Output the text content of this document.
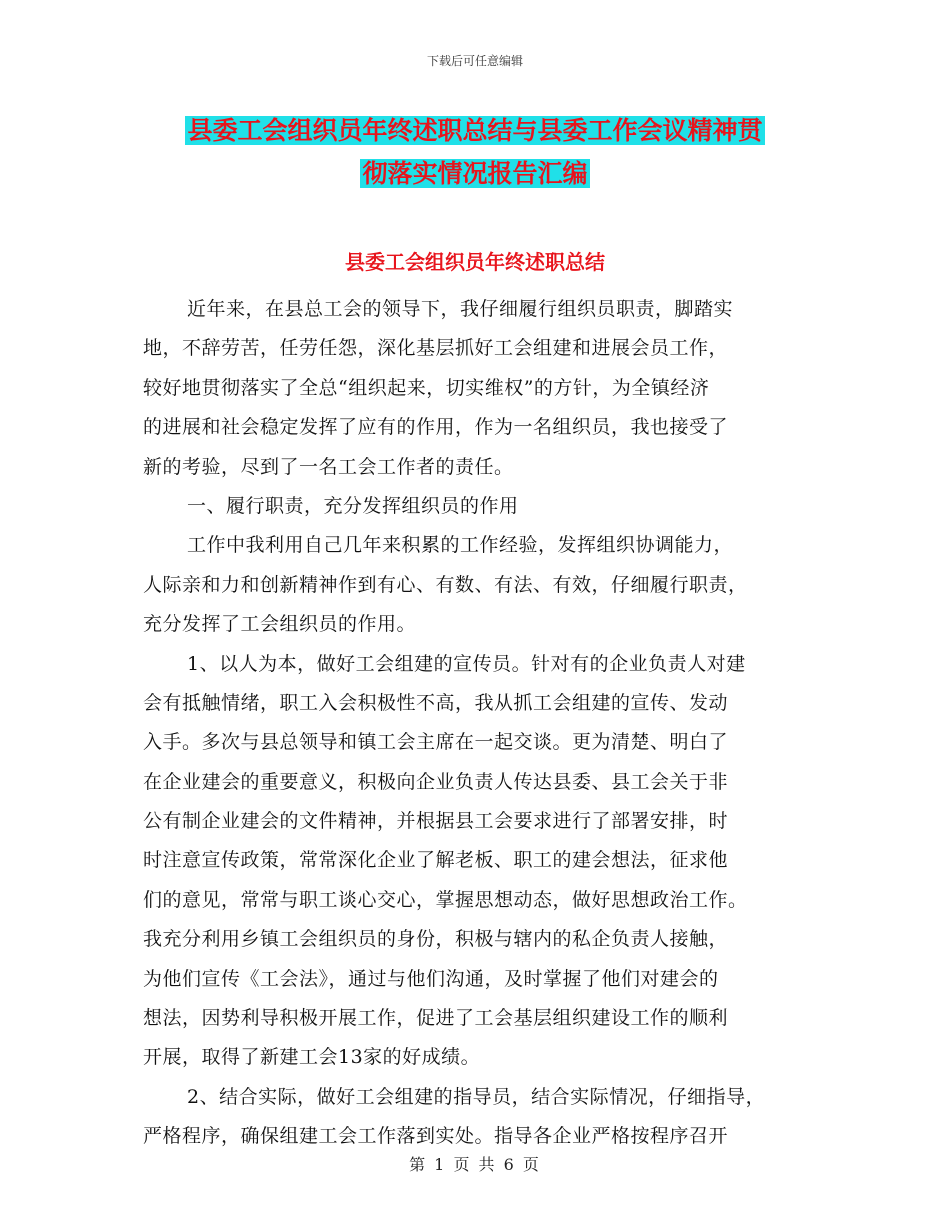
下载后可任意编辑
县委工会组织员年终述职总结与县委工作会议精神贯
彻落实情况报告汇编
县委工会组织员年终述职总结
近年来，在县总工会的领导下，我仔细履行组织员职责，脚踏实
地，不辞劳苦，任劳任怨，深化基层抓好工会组建和进展会员工作，
较好地贯彻落实了全总“组织起来，切实维权”的方针，为全镇经济
的进展和社会稳定发挥了应有的作用，作为一名组织员，我也接受了
新的考验，尽到了一名工会工作者的责任。
一、履行职责，充分发挥组织员的作用
工作中我利用自己几年来积累的工作经验，发挥组织协调能力，
人际亲和力和创新精神作到有心、有数、有法、有效，仔细履行职责，
充分发挥了工会组织员的作用。
1、以人为本，做好工会组建的宣传员。针对有的企业负责人对建
会有抵触情绪，职工入会积极性不高，我从抓工会组建的宣传、发动
入手。多次与县总领导和镇工会主席在一起交谈。更为清楚、明白了
在企业建会的重要意义，积极向企业负责人传达县委、县工会关于非
公有制企业建会的文件精神，并根据县工会要求进行了部署安排，时
时注意宣传政策，常常深化企业了解老板、职工的建会想法，征求他
们的意见，常常与职工谈心交心，掌握思想动态，做好思想政治工作。
我充分利用乡镇工会组织员的身份，积极与辖内的私企负责人接触，
为他们宣传《工会法》，通过与他们沟通，及时掌握了他们对建会的
想法，因势利导积极开展工作，促进了工会基层组织建设工作的顺利
开展，取得了新建工会13家的好成绩。
2、结合实际，做好工会组建的指导员，结合实际情况，仔细指导，
严格程序，确保组建工会工作落到实处。指导各企业严格按程序召开
第 1 页 共 6 页
